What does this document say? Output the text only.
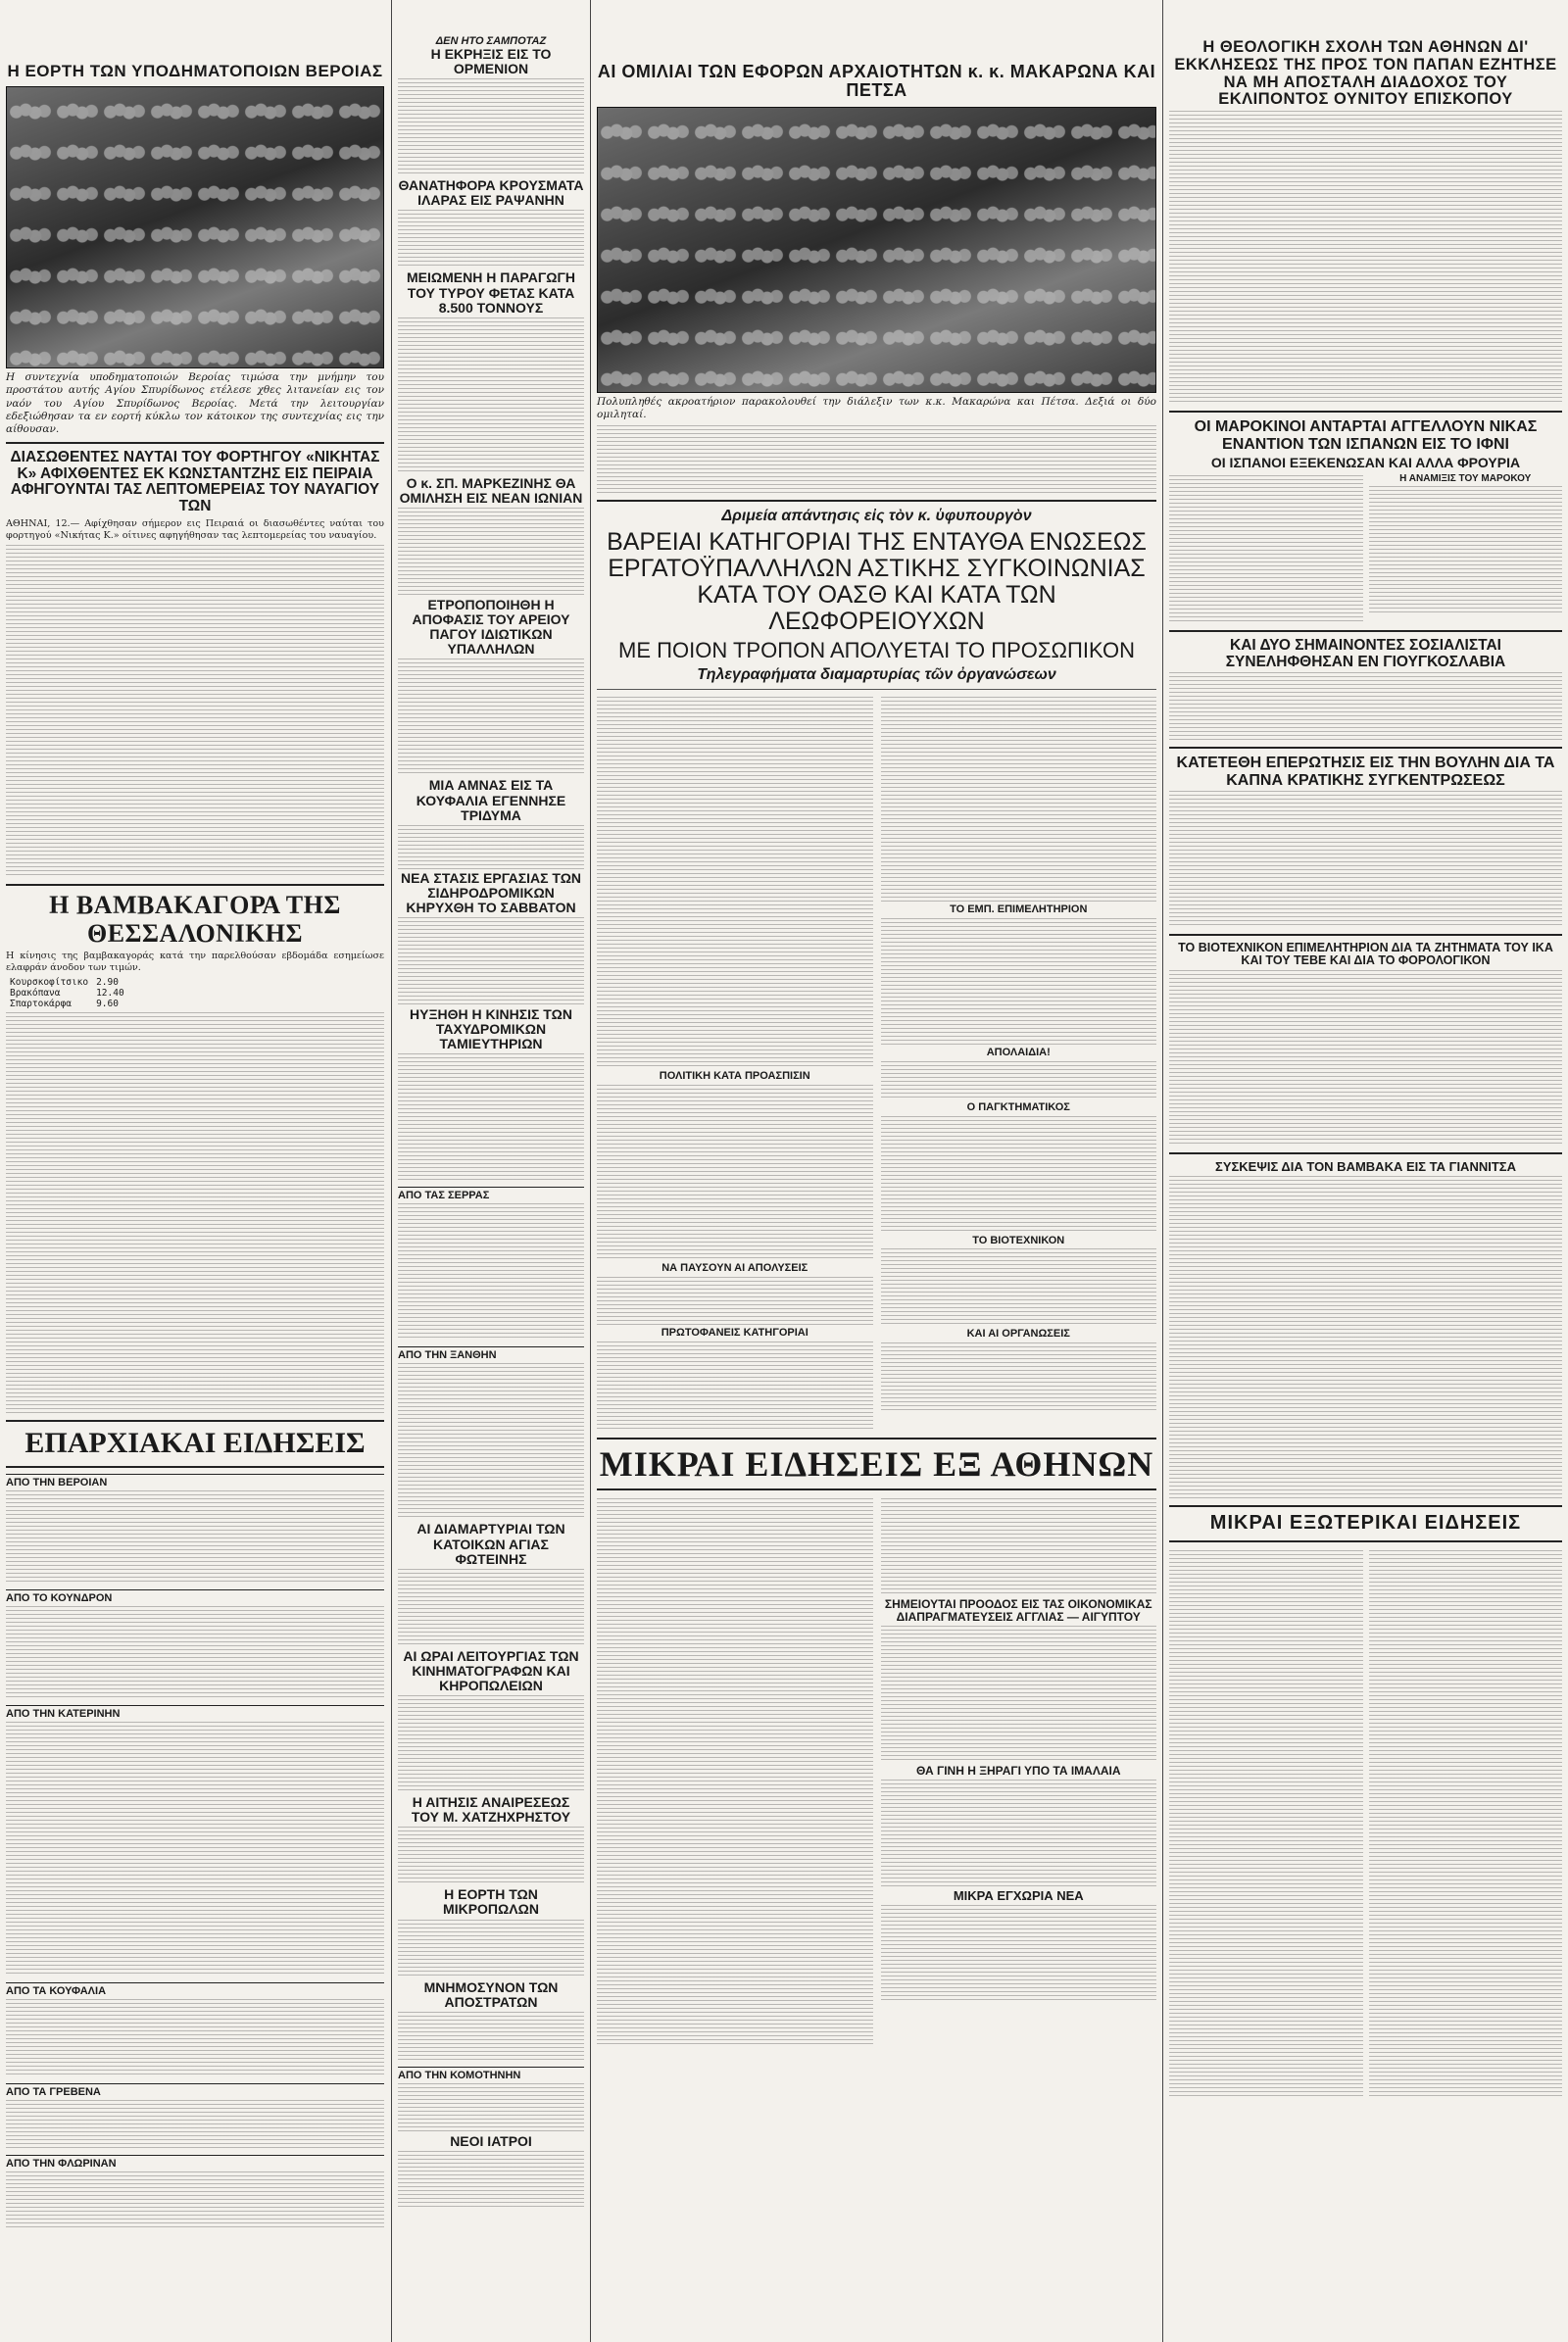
Η ΕΟΡΤΗ ΤΩΝ ΥΠΟΔΗΜΑΤΟΠΟΙΩΝ ΒΕΡΟΙΑΣ

Η συντεχνία υποδηματοποιών Βεροίας τιμώσα την μνήμην του προστάτου αυτής Αγίου Σπυρίδωνος ετέλεσε χθες λιτανείαν εις τον ναόν του Αγίου Σπυρίδωνος Βεροίας. Μετά την λειτουργίαν εδεξιώθησαν τα εν εορτή κύκλω τον κάτοικον της συντεχνίας εις την αίθουσαν.

ΔΙΑΣΩΘΕΝΤΕΣ ΝΑΥΤΑΙ ΤΟΥ ΦΟΡΤΗΓΟΥ «ΝΙΚΗΤΑΣ Κ» ΑΦΙΧΘΕΝΤΕΣ ΕΚ ΚΩΝΣΤΑΝΤΖΗΣ ΕΙΣ ΠΕΙΡΑΙΑ ΑΦΗΓΟΥΝΤΑΙ ΤΑΣ ΛΕΠΤΟΜΕΡΕΙΑΣ ΤΟΥ ΝΑΥΑΓΙΟΥ ΤΩΝ

ΑΘΗΝΑΙ, 12.— Αφίχθησαν σήμερον εις Πειραιά οι διασωθέντες ναύται του φορτηγού «Νικήτας Κ.» οίτινες αφηγήθησαν τας λεπτομερείας του ναυαγίου.

Η ΒΑΜΒΑΚΑΓΟΡΑ ΤΗΣ ΘΕΣΣΑΛΟΝΙΚΗΣ

Η κίνησις της βαμβακαγοράς κατά την παρελθούσαν εβδομάδα εσημείωσε ελαφράν άνοδον των τιμών.

Κουρσκοφίτσικο	2.90
Βρακόπανα	12.40
Σπαρτοκάρφα	9.60
ΕΠΑΡΧΙΑΚΑΙ ΕΙΔΗΣΕΙΣ
ΑΠΟ ΤΗΝ ΒΕΡΟΙΑΝ
ΑΠΟ ΤΟ ΚΟΥΝΔΡΟΝ
ΑΠΟ ΤΗΝ ΚΑΤΕΡΙΝΗΝ
ΑΠΟ ΤΑ ΚΟΥΦΑΛΙΑ
ΑΠΟ ΤΑ ΓΡΕΒΕΝΑ
ΑΠΟ ΤΗΝ ΦΛΩΡΙΝΑΝ
ΔΕΝ ΗΤΟ ΣΑΜΠΟΤΑΖ
Η ΕΚΡΗΞΙΣ ΕΙΣ ΤΟ ΟΡΜΕΝΙΟΝ
ΘΑΝΑΤΗΦΟΡΑ ΚΡΟΥΣΜΑΤΑ ΙΛΑΡΑΣ ΕΙΣ ΡΑΨΑΝΗΝ
ΜΕΙΩΜΕΝΗ Η ΠΑΡΑΓΩΓΗ ΤΟΥ ΤΥΡΟΥ ΦΕΤΑΣ ΚΑΤΑ 8.500 ΤΟΝΝΟΥΣ
Ο κ. ΣΠ. ΜΑΡΚΕΖΙΝΗΣ ΘΑ ΟΜΙΛΗΣΗ ΕΙΣ ΝΕΑΝ ΙΩΝΙΑΝ
ΕΤΡΟΠΟΠΟΙΗΘΗ Η ΑΠΟΦΑΣΙΣ ΤΟΥ ΑΡΕΙΟΥ ΠΑΓΟΥ ΙΔΙΩΤΙΚΩΝ ΥΠΑΛΛΗΛΩΝ
ΜΙΑ ΑΜΝΑΣ ΕΙΣ ΤΑ ΚΟΥΦΑΛΙΑ ΕΓΕΝΝΗΣΕ ΤΡΙΔΥΜΑ
ΝΕΑ ΣΤΑΣΙΣ ΕΡΓΑΣΙΑΣ ΤΩΝ ΣΙΔΗΡΟΔΡΟΜΙΚΩΝ ΚΗΡΥΧΘΗ ΤΟ ΣΑΒΒΑΤΟΝ
ΗΥΞΗΘΗ Η ΚΙΝΗΣΙΣ ΤΩΝ ΤΑΧΥΔΡΟΜΙΚΩΝ ΤΑΜΙΕΥΤΗΡΙΩΝ
ΑΠΟ ΤΑΣ ΣΕΡΡΑΣ
ΑΠΟ ΤΗΝ ΞΑΝΘΗΝ
ΑΙ ΔΙΑΜΑΡΤΥΡΙΑΙ ΤΩΝ ΚΑΤΟΙΚΩΝ ΑΓΙΑΣ ΦΩΤΕΙΝΗΣ
ΑΙ ΩΡΑΙ ΛΕΙΤΟΥΡΓΙΑΣ ΤΩΝ ΚΙΝΗΜΑΤΟΓΡΑΦΩΝ ΚΑΙ ΚΗΡΟΠΩΛΕΙΩΝ
Η ΑΙΤΗΣΙΣ ΑΝΑΙΡΕΣΕΩΣ ΤΟΥ Μ. ΧΑΤΖΗΧΡΗΣΤΟΥ
Η ΕΟΡΤΗ ΤΩΝ ΜΙΚΡΟΠΩΛΩΝ
ΜΝΗΜΟΣΥΝΟΝ ΤΩΝ ΑΠΟΣΤΡΑΤΩΝ
ΑΠΟ ΤΗΝ ΚΟΜΟΤΗΝΗΝ
ΝΕΟΙ ΙΑΤΡΟΙ
ΑΙ ΟΜΙΛΙΑΙ ΤΩΝ ΕΦΟΡΩΝ ΑΡΧΑΙΟΤΗΤΩΝ κ. κ. ΜΑΚΑΡΩΝΑ ΚΑΙ ΠΕΤΣΑ

Πολυπληθές ακροατήριον παρακολουθεί την διάλεξιν των κ.κ. Μακαρώνα και Πέτσα. Δεξιά οι δύο ομιληταί.

Δριμεία απάντησις εἰς τὸν κ. ὑφυπουργὸν
ΒΑΡΕΙΑΙ ΚΑΤΗΓΟΡΙΑΙ ΤΗΣ ΕΝΤΑΥΘΑ ΕΝΩΣΕΩΣ ΕΡΓΑΤΟΫΠΑΛΛΗΛΩΝ ΑΣΤΙΚΗΣ ΣΥΓΚΟΙΝΩΝΙΑΣ ΚΑΤΑ ΤΟΥ ΟΑΣΘ ΚΑΙ ΚΑΤΑ ΤΩΝ ΛΕΩΦΟΡΕΙΟΥΧΩΝ
ΜΕ ΠΟΙΟΝ ΤΡΟΠΟΝ ΑΠΟΛΥΕΤΑΙ ΤΟ ΠΡΟΣΩΠΙΚΟΝ
Τηλεγραφήματα διαμαρτυρίας τῶν ὀργανώσεων
ΠΟΛΙΤΙΚΗ ΚΑΤΑ ΠΡΟΑΣΠΙΣΙΝ
ΝΑ ΠΑΥΣΟΥΝ ΑΙ ΑΠΟΛΥΣΕΙΣ
ΠΡΩΤΟΦΑΝΕΙΣ ΚΑΤΗΓΟΡΙΑΙ
ΤΟ ΕΜΠ. ΕΠΙΜΕΛΗΤΗΡΙΟΝ
ΑΠΟΛΑΙΔΙΑ!
Ο ΠΑΓΚΤΗΜΑΤΙΚΟΣ
ΤΟ ΒΙΟΤΕΧΝΙΚΟΝ
ΚΑΙ ΑΙ ΟΡΓΑΝΩΣΕΙΣ
ΜΙΚΡΑΙ ΕΙΔΗΣΕΙΣ ΕΞ ΑΘΗΝΩΝ
ΣΗΜΕΙΟΥΤΑΙ ΠΡΟΟΔΟΣ ΕΙΣ ΤΑΣ ΟΙΚΟΝΟΜΙΚΑΣ ΔΙΑΠΡΑΓΜΑΤΕΥΣΕΙΣ ΑΓΓΛΙΑΣ — ΑΙΓΥΠΤΟΥ
ΘΑ ΓΙΝΗ Η ΞΗΡΑΓΙ ΥΠΟ ΤΑ ΙΜΑΛΑΙΑ
ΜΙΚΡΑ ΕΓΧΩΡΙΑ ΝΕΑ
Η ΘΕΟΛΟΓΙΚΗ ΣΧΟΛΗ ΤΩΝ ΑΘΗΝΩΝ ΔΙ' ΕΚΚΛΗΣΕΩΣ ΤΗΣ ΠΡΟΣ ΤΟΝ ΠΑΠΑΝ ΕΖΗΤΗΣΕ ΝΑ ΜΗ ΑΠΟΣΤΑΛΗ ΔΙΑΔΟΧΟΣ ΤΟΥ ΕΚΛΙΠΟΝΤΟΣ ΟΥΝΙΤΟΥ ΕΠΙΣΚΟΠΟΥ
ΟΙ ΜΑΡΟΚΙΝΟΙ ΑΝΤΑΡΤΑΙ ΑΓΓΕΛΛΟΥΝ ΝΙΚΑΣ ΕΝΑΝΤΙΟΝ ΤΩΝ ΙΣΠΑΝΩΝ ΕΙΣ ΤΟ ΙΦΝΙ
ΟΙ ΙΣΠΑΝΟΙ ΕΞΕΚΕΝΩΣΑΝ ΚΑΙ ΑΛΛΑ ΦΡΟΥΡΙΑ
Η ΑΝΑΜΙΞΙΣ ΤΟΥ ΜΑΡΟΚΟΥ
ΚΑΙ ΔΥΟ ΣΗΜΑΙΝΟΝΤΕΣ ΣΟΣΙΑΛΙΣΤΑΙ ΣΥΝΕΛΗΦΘΗΣΑΝ ΕΝ ΓΙΟΥΓΚΟΣΛΑΒΙΑ
ΚΑΤΕΤΕΘΗ ΕΠΕΡΩΤΗΣΙΣ ΕΙΣ ΤΗΝ ΒΟΥΛΗΝ ΔΙΑ ΤΑ ΚΑΠΝΑ ΚΡΑΤΙΚΗΣ ΣΥΓΚΕΝΤΡΩΣΕΩΣ
ΤΟ ΒΙΟΤΕΧΝΙΚΟΝ ΕΠΙΜΕΛΗΤΗΡΙΟΝ ΔΙΑ ΤΑ ΖΗΤΗΜΑΤΑ ΤΟΥ ΙΚΑ ΚΑΙ ΤΟΥ ΤΕΒΕ ΚΑΙ ΔΙΑ ΤΟ ΦΟΡΟΛΟΓΙΚΟΝ
ΣΥΣΚΕΨΙΣ ΔΙΑ ΤΟΝ ΒΑΜΒΑΚΑ ΕΙΣ ΤΑ ΓΙΑΝΝΙΤΣΑ
ΜΙΚΡΑΙ ΕΞΩΤΕΡΙΚΑΙ ΕΙΔΗΣΕΙΣ
